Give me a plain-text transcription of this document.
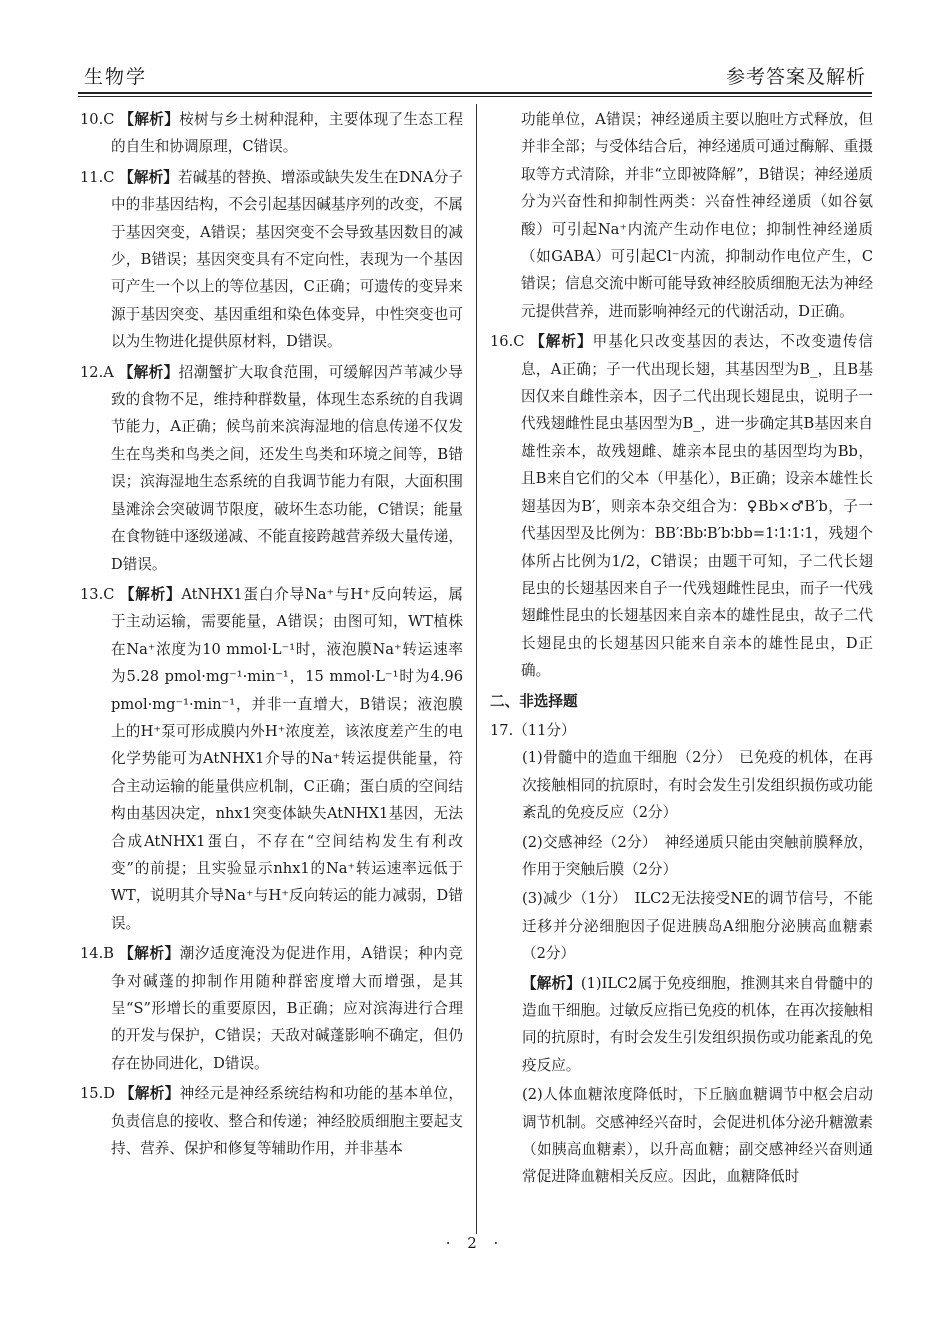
生物学	参考答案及解析

10.C 【解析】桉树与乡土树种混种，主要体现了生态工程的自生和协调原理，C错误。

11.C 【解析】若碱基的替换、增添或缺失发生在DNA分子中的非基因结构，不会引起基因碱基序列的改变，不属于基因突变，A错误；基因突变不会导致基因数目的减少，B错误；基因突变具有不定向性，表现为一个基因可产生一个以上的等位基因，C正确；可遗传的变异来源于基因突变、基因重组和染色体变异，中性突变也可以为生物进化提供原材料，D错误。

12.A 【解析】招潮蟹扩大取食范围，可缓解因芦苇减少导致的食物不足，维持种群数量，体现生态系统的自我调节能力，A正确；候鸟前来滨海湿地的信息传递不仅发生在鸟类和鸟类之间，还发生鸟类和环境之间等，B错误；滨海湿地生态系统的自我调节能力有限，大面积围垦滩涂会突破调节限度，破坏生态功能，C错误；能量在食物链中逐级递减、不能直接跨越营养级大量传递，D错误。

13.C 【解析】AtNHX1蛋白介导Na⁺与H⁺反向转运，属于主动运输，需要能量，A错误；由图可知，WT植株在Na⁺浓度为10 mmol·L⁻¹时，液泡膜Na⁺转运速率为5.28 pmol·mg⁻¹·min⁻¹，15 mmol·L⁻¹时为4.96 pmol·mg⁻¹·min⁻¹，并非一直增大，B错误；液泡膜上的H⁺泵可形成膜内外H⁺浓度差，该浓度差产生的电化学势能可为AtNHX1介导的Na⁺转运提供能量，符合主动运输的能量供应机制，C正确；蛋白质的空间结构由基因决定，nhx1突变体缺失AtNHX1基因，无法合成AtNHX1蛋白，不存在“空间结构发生有利改变”的前提；且实验显示nhx1的Na⁺转运速率远低于WT，说明其介导Na⁺与H⁺反向转运的能力减弱，D错误。

14.B 【解析】潮汐适度淹没为促进作用，A错误；种内竞争对碱蓬的抑制作用随种群密度增大而增强，是其呈“S”形增长的重要原因，B正确；应对滨海进行合理的开发与保护，C错误；天敌对碱蓬影响不确定，但仍存在协同进化，D错误。

15.D 【解析】神经元是神经系统结构和功能的基本单位，负责信息的接收、整合和传递；神经胶质细胞主要起支持、营养、保护和修复等辅助作用，并非基本

功能单位，A错误；神经递质主要以胞吐方式释放，但并非全部；与受体结合后，神经递质可通过酶解、重摄取等方式清除，并非“立即被降解”，B错误；神经递质分为兴奋性和抑制性两类：兴奋性神经递质（如谷氨酸）可引起Na⁺内流产生动作电位；抑制性神经递质（如GABA）可引起Cl⁻内流，抑制动作电位产生，C错误；信息交流中断可能导致神经胶质细胞无法为神经元提供营养，进而影响神经元的代谢活动，D正确。

16.C 【解析】甲基化只改变基因的表达，不改变遗传信息，A正确；子一代出现长翅，其基因型为B_，且B基因仅来自雌性亲本，因子二代出现长翅昆虫，说明子一代残翅雌性昆虫基因型为B_，进一步确定其B基因来自雄性亲本，故残翅雌、雄亲本昆虫的基因型均为Bb，且B来自它们的父本（甲基化），B正确；设亲本雄性长翅基因为B′，则亲本杂交组合为：♀Bb×♂B′b，子一代基因型及比例为：BB′∶Bb∶B′b∶bb=1∶1∶1∶1，残翅个体所占比例为1/2，C错误；由题干可知，子二代长翅昆虫的长翅基因来自子一代残翅雌性昆虫，而子一代残翅雌性昆虫的长翅基因来自亲本的雄性昆虫，故子二代长翅昆虫的长翅基因只能来自亲本的雄性昆虫，D正确。

二、非选择题

17.（11分）

(1)骨髓中的造血干细胞（2分）　已免疫的机体，在再次接触相同的抗原时，有时会发生引发组织损伤或功能紊乱的免疫反应（2分）

(2)交感神经（2分）　神经递质只能由突触前膜释放，作用于突触后膜（2分）

(3)减少（1分）　ILC2无法接受NE的调节信号，不能迁移并分泌细胞因子促进胰岛A细胞分泌胰高血糖素（2分）

【解析】(1)ILC2属于免疫细胞，推测其来自骨髓中的造血干细胞。过敏反应指已免疫的机体，在再次接触相同的抗原时，有时会发生引发组织损伤或功能紊乱的免疫反应。

(2)人体血糖浓度降低时，下丘脑血糖调节中枢会启动调节机制。交感神经兴奋时，会促进机体分泌升糖激素（如胰高血糖素），以升高血糖；副交感神经兴奋则通常促进降血糖相关反应。因此，血糖降低时

· 2 ·
